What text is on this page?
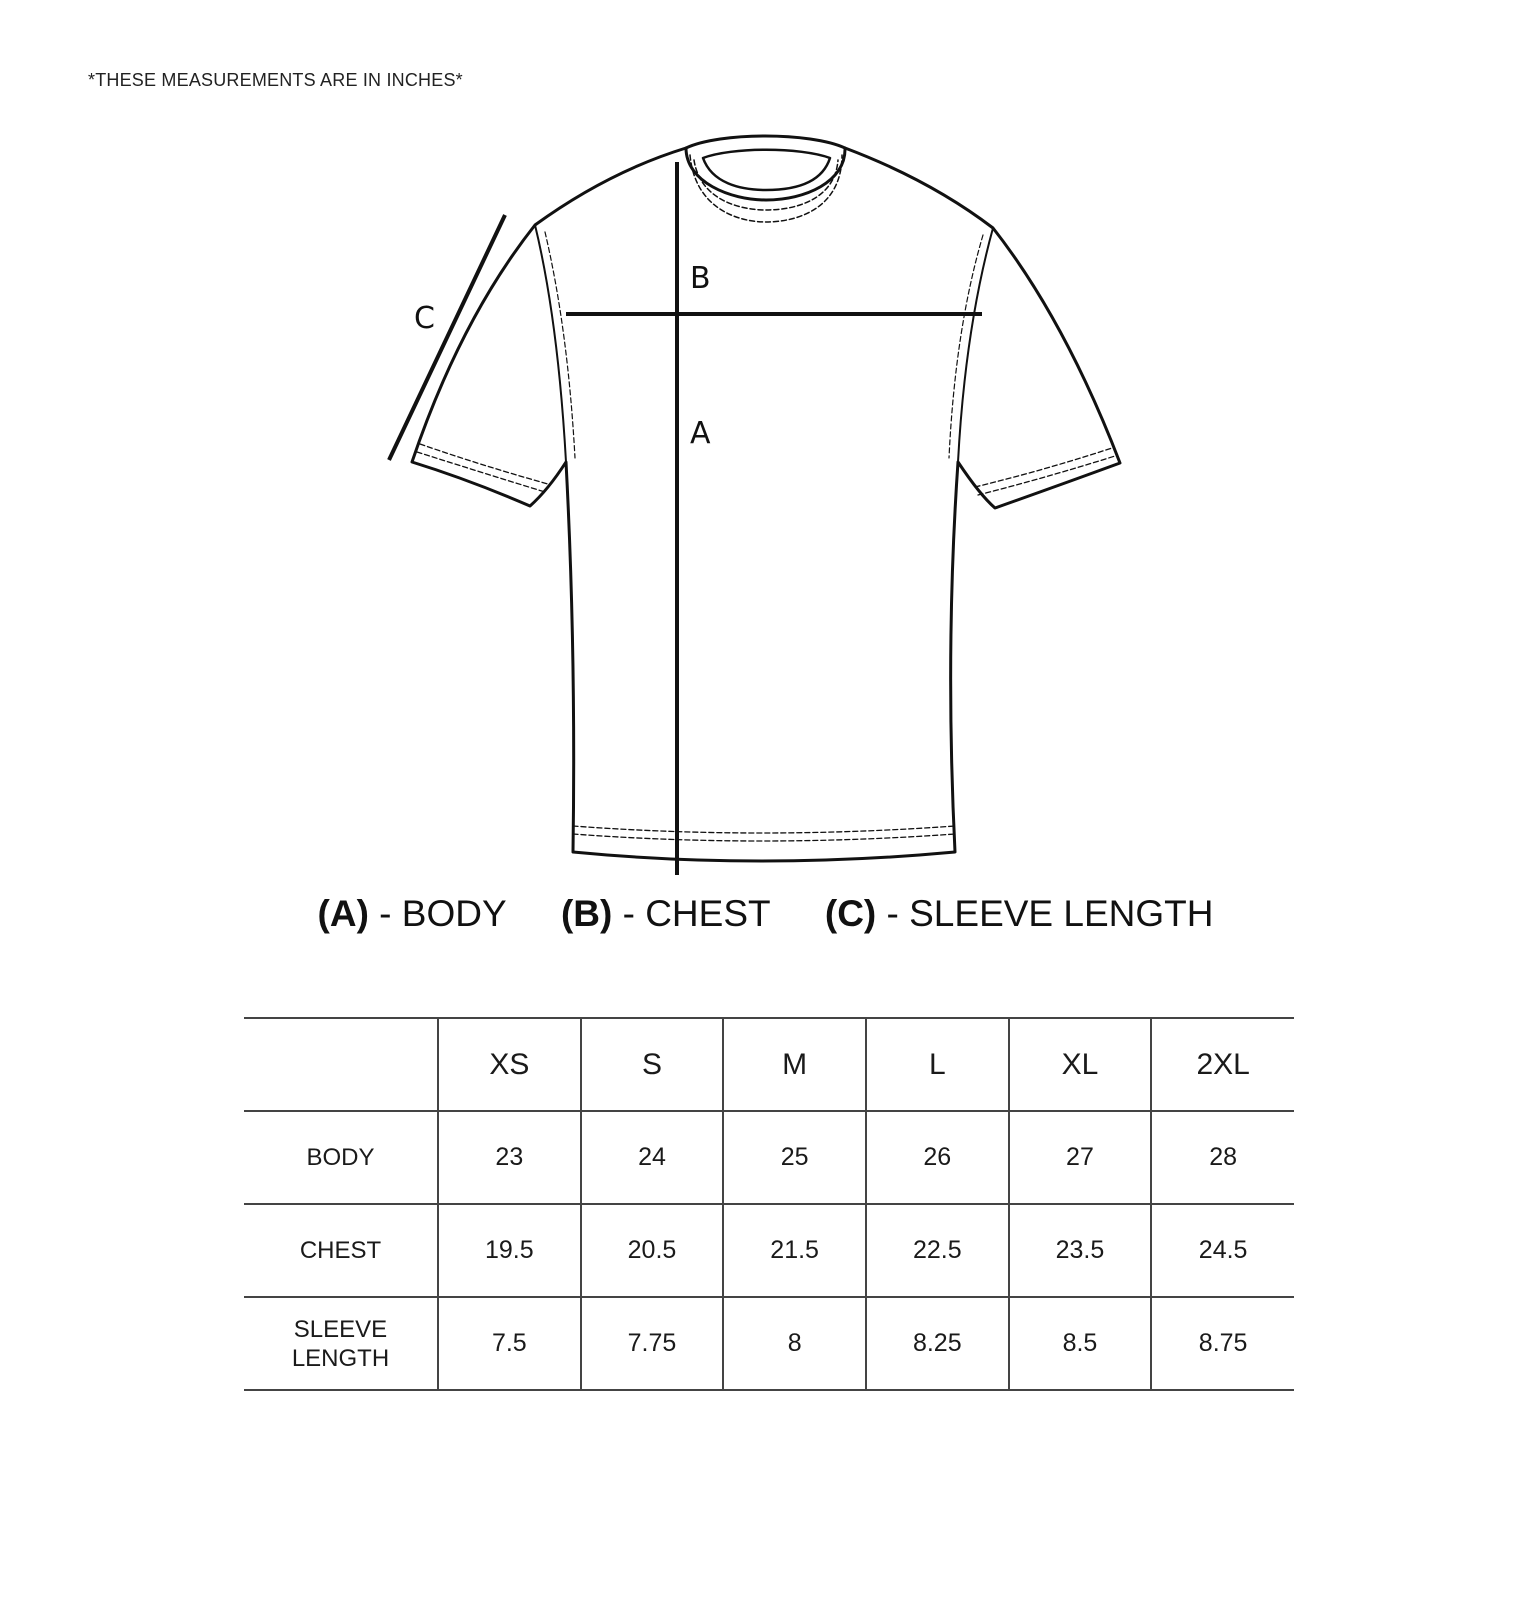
*THESE MEASUREMENTS ARE IN INCHES*
B
A
C
(A) - BODY (B) - CHEST (C) - SLEEVE LENGTH
	XS	S	M	L	XL	2XL
BODY	23	24	25	26	27	28
CHEST	19.5	20.5	21.5	22.5	23.5	24.5

SLEEVE
LENGTH	7.5	7.75	8	8.25	8.5	8.75
